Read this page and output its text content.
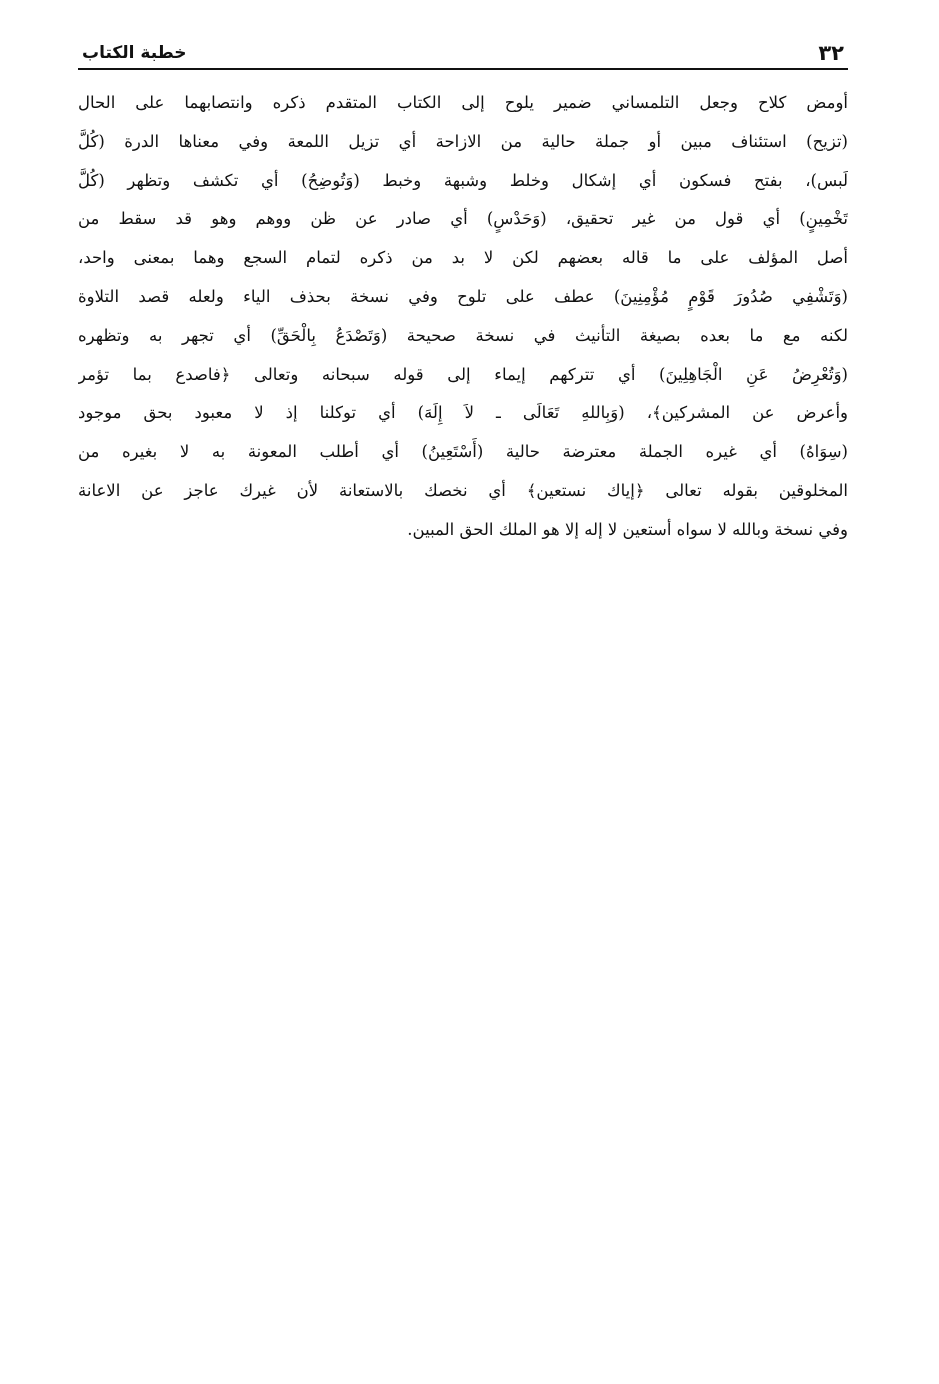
٣٢
خطبة الكتاب
أومض كلاح وجعل التلمساني ضمير يلوح إلى الكتاب المتقدم ذكره وانتصابهما على الحال
(تزيح) استئناف مبين أو جملة حالية من الازاحة أي تزيل اللمعة وفي معناها الدرة (كُلَّ
لَبس)، بفتح فسكون أي إشكال وخلط وشبهة وخبط (وَتُوضِحُ) أي تكشف وتظهر (كُلَّ
تَخْمِينٍ) أي قول من غير تحقيق، (وَحَدْسٍ) أي صادر عن ظن ووهم وهو قد سقط من
أصل المؤلف على ما قاله بعضهم لكن لا بد من ذكره لتمام السجع وهما بمعنى واحد،
(وَتَشْفِي صُدُورَ قَوْمٍ مُؤْمِنِينَ) عطف على تلوح وفي نسخة بحذف الياء ولعله قصد التلاوة
لكنه مع ما بعده بصيغة التأنيث في نسخة صحيحة (وَتَصْدَعُ بِالْحَقِّ) أي تجهر به وتظهره
(وَتُعْرِضُ عَنِ الْجَاهِلِينَ) أي تتركهم إيماء إلى قوله سبحانه وتعالى ﴿فاصدع بما تؤمر
وأعرض عن المشركين﴾، (وَبِاللهِ تَعَالَى ـ لاَ إِلَهَ) أي توكلنا إذ لا معبود بحق موجود
(سِوَاهُ) أي غيره الجملة معترضة حالية (أَسْتَعِينُ) أي أطلب المعونة به لا بغيره من
المخلوقين بقوله تعالى ﴿إياك نستعين﴾ أي نخصك بالاستعانة لأن غيرك عاجز عن الاعانة
وفي نسخة وبالله لا سواه أستعين لا إله إلا هو الملك الحق المبين.
